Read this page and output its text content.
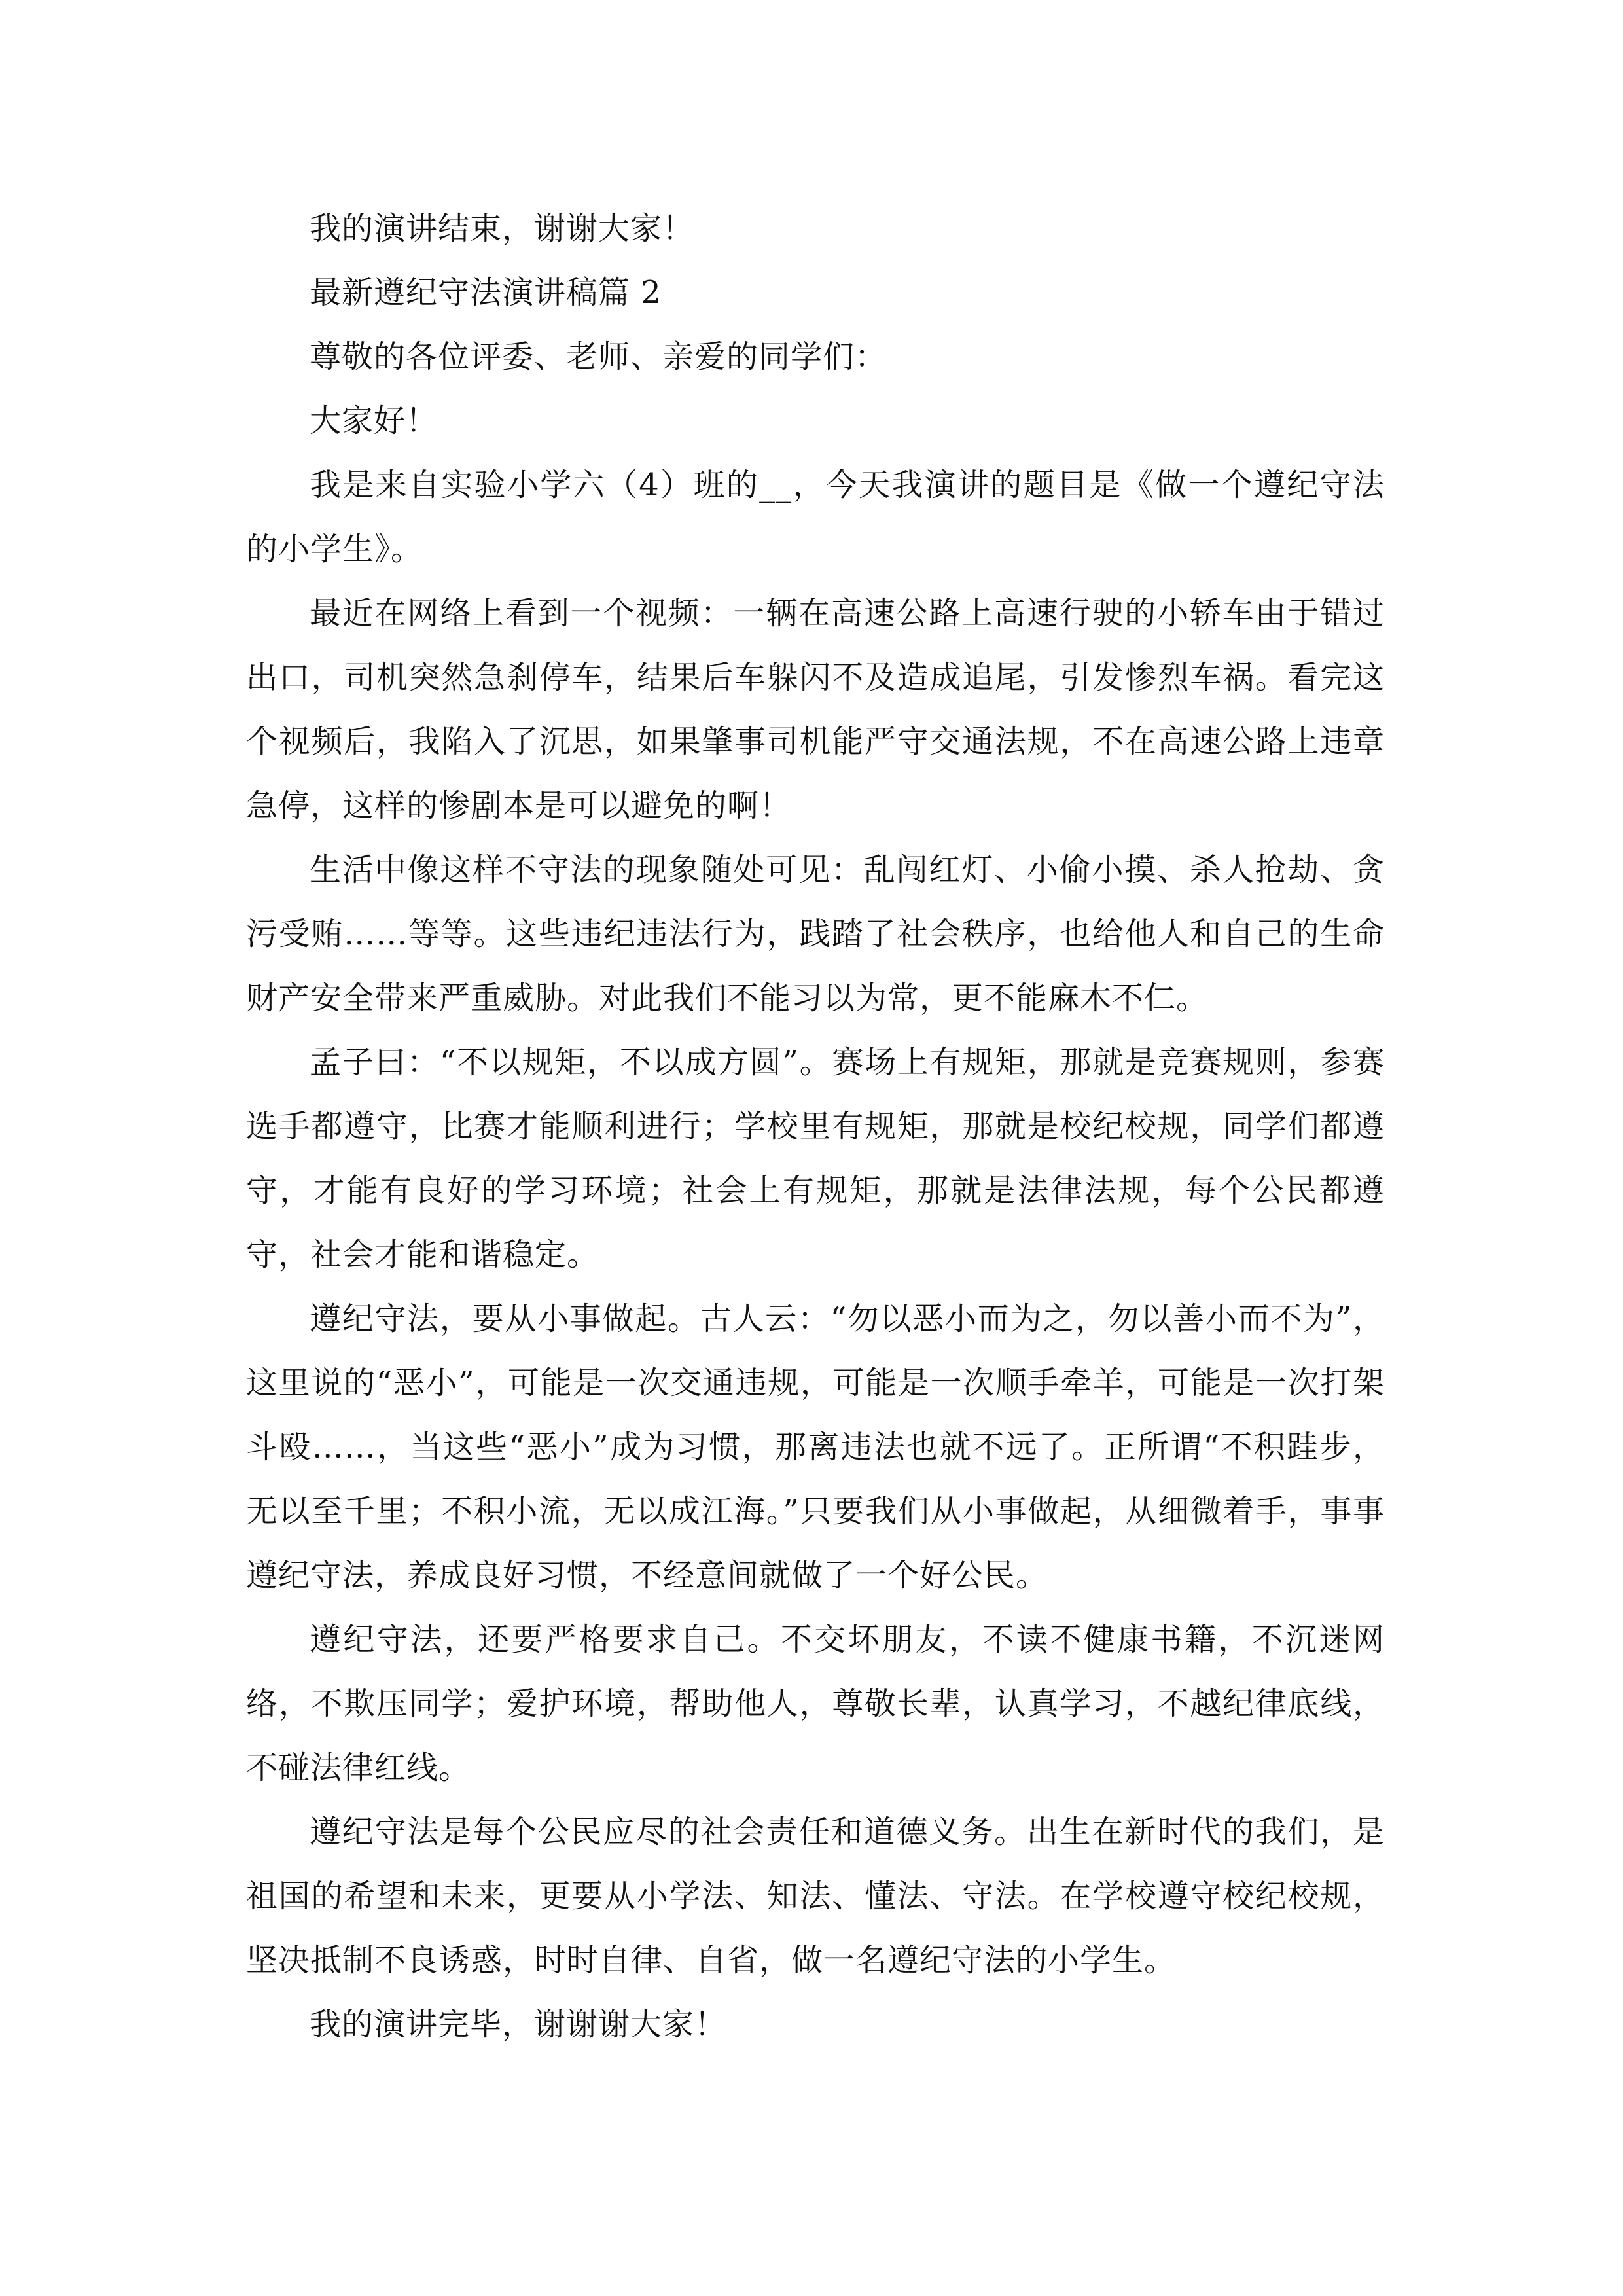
我的演讲结束，谢谢大家！

最新遵纪守法演讲稿篇 2

尊敬的各位评委、老师、亲爱的同学们：

大家好！

我是来自实验小学六（4）班的__，今天我演讲的题目是《做一个遵纪守法的小学生》。

最近在网络上看到一个视频：一辆在高速公路上高速行驶的小轿车由于错过出口，司机突然急刹停车，结果后车躲闪不及造成追尾，引发惨烈车祸。看完这个视频后，我陷入了沉思，如果肇事司机能严守交通法规，不在高速公路上违章急停，这样的惨剧本是可以避免的啊！

生活中像这样不守法的现象随处可见：乱闯红灯、小偷小摸、杀人抢劫、贪污受贿……等等。这些违纪违法行为，践踏了社会秩序，也给他人和自己的生命财产安全带来严重威胁。对此我们不能习以为常，更不能麻木不仁。

孟子曰：“不以规矩，不以成方圆”。赛场上有规矩，那就是竞赛规则，参赛选手都遵守，比赛才能顺利进行；学校里有规矩，那就是校纪校规，同学们都遵守，才能有良好的学习环境；社会上有规矩，那就是法律法规，每个公民都遵守，社会才能和谐稳定。

遵纪守法，要从小事做起。古人云：“勿以恶小而为之，勿以善小而不为”，这里说的“恶小”，可能是一次交通违规，可能是一次顺手牵羊，可能是一次打架斗殴……，当这些“恶小”成为习惯，那离违法也就不远了。正所谓“不积跬步，无以至千里；不积小流，无以成江海。”只要我们从小事做起，从细微着手，事事遵纪守法，养成良好习惯，不经意间就做了一个好公民。

遵纪守法，还要严格要求自己。不交坏朋友，不读不健康书籍，不沉迷网络，不欺压同学；爱护环境，帮助他人，尊敬长辈，认真学习，不越纪律底线，不碰法律红线。

遵纪守法是每个公民应尽的社会责任和道德义务。出生在新时代的我们，是祖国的希望和未来，更要从小学法、知法、懂法、守法。在学校遵守校纪校规，坚决抵制不良诱惑，时时自律、自省，做一名遵纪守法的小学生。

我的演讲完毕，谢谢谢大家！
